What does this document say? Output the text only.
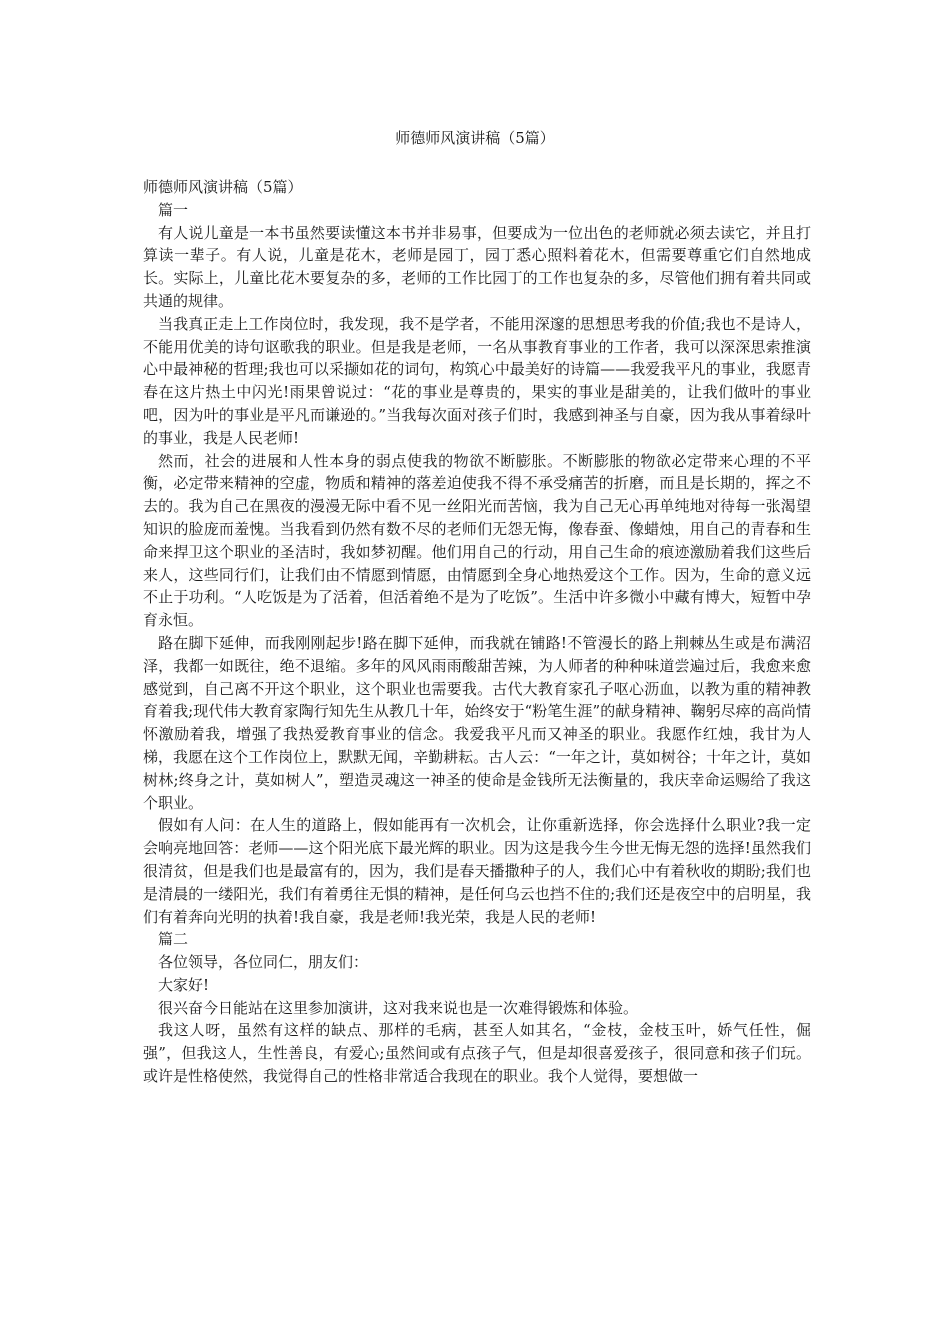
师德师风演讲稿（5篇）

师德师风演讲稿（5篇）

篇一

有人说儿童是一本书虽然要读懂这本书并非易事，但要成为一位出色的老师就必须去读它，并且打算读一辈子。有人说，儿童是花木，老师是园丁，园丁悉心照料着花木，但需要尊重它们自然地成长。实际上，儿童比花木要复杂的多，老师的工作比园丁的工作也复杂的多，尽管他们拥有着共同或共通的规律。

当我真正走上工作岗位时，我发现，我不是学者，不能用深邃的思想思考我的价值;我也不是诗人，不能用优美的诗句讴歌我的职业。但是我是老师，一名从事教育事业的工作者，我可以深深思索推演心中最神秘的哲理;我也可以采撷如花的词句，构筑心中最美好的诗篇——我爱我平凡的事业，我愿青春在这片热土中闪光!雨果曾说过：“花的事业是尊贵的，果实的事业是甜美的，让我们做叶的事业吧，因为叶的事业是平凡而谦逊的。”当我每次面对孩子们时，我感到神圣与自豪，因为我从事着绿叶的事业，我是人民老师!

然而，社会的进展和人性本身的弱点使我的物欲不断膨胀。不断膨胀的物欲必定带来心理的不平衡，必定带来精神的空虚，物质和精神的落差迫使我不得不承受痛苦的折磨，而且是长期的，挥之不去的。我为自己在黑夜的漫漫无际中看不见一丝阳光而苦恼，我为自己无心再单纯地对待每一张渴望知识的脸庞而羞愧。当我看到仍然有数不尽的老师们无怨无悔，像春蚕、像蜡烛，用自己的青春和生命来捍卫这个职业的圣洁时，我如梦初醒。他们用自己的行动，用自己生命的痕迹激励着我们这些后来人，这些同行们，让我们由不情愿到情愿，由情愿到全身心地热爱这个工作。因为，生命的意义远不止于功利。“人吃饭是为了活着，但活着绝不是为了吃饭”。生活中许多微小中藏有博大，短暂中孕育永恒。

路在脚下延伸，而我刚刚起步!路在脚下延伸，而我就在铺路!不管漫长的路上荆棘丛生或是布满沼泽，我都一如既往，绝不退缩。多年的风风雨雨酸甜苦辣，为人师者的种种味道尝遍过后，我愈来愈感觉到，自己离不开这个职业，这个职业也需要我。古代大教育家孔子呕心沥血，以教为重的精神教育着我;现代伟大教育家陶行知先生从教几十年，始终安于“粉笔生涯”的献身精神、鞠躬尽瘁的高尚情怀激励着我，增强了我热爱教育事业的信念。我爱我平凡而又神圣的职业。我愿作红烛，我甘为人梯，我愿在这个工作岗位上，默默无闻，辛勤耕耘。古人云：“一年之计，莫如树谷；十年之计，莫如树林;终身之计，莫如树人”，塑造灵魂这一神圣的使命是金钱所无法衡量的，我庆幸命运赐给了我这个职业。

假如有人问：在人生的道路上，假如能再有一次机会，让你重新选择，你会选择什么职业?我一定会响亮地回答：老师——这个阳光底下最光辉的职业。因为这是我今生今世无悔无怨的选择!虽然我们很清贫，但是我们也是最富有的，因为，我们是春天播撒种子的人，我们心中有着秋收的期盼;我们也是清晨的一缕阳光，我们有着勇往无惧的精神，是任何乌云也挡不住的;我们还是夜空中的启明星，我们有着奔向光明的执着!我自豪，我是老师!我光荣，我是人民的老师!

篇二

各位领导，各位同仁，朋友们：

大家好!

很兴奋今日能站在这里参加演讲，这对我来说也是一次难得锻炼和体验。

我这人呀，虽然有这样的缺点、那样的毛病，甚至人如其名，“金枝，金枝玉叶，娇气任性，倔强”，但我这人，生性善良，有爱心;虽然间或有点孩子气，但是却很喜爱孩子，很同意和孩子们玩。或许是性格使然，我觉得自己的性格非常适合我现在的职业。我个人觉得，要想做一
